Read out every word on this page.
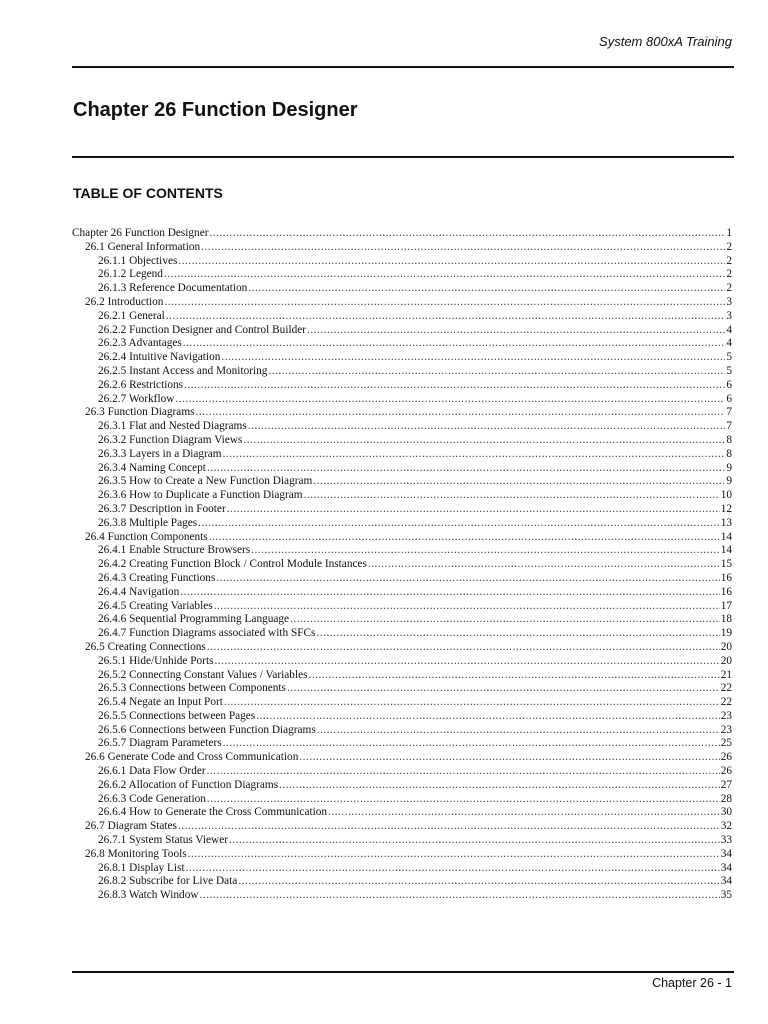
System 800xA Training
Chapter 26 Function Designer
TABLE OF CONTENTS
Chapter 26 Function Designer .....	1
26.1 General Information .....	2
26.1.1 Objectives .....	2
26.1.2 Legend .....	2
26.1.3 Reference Documentation .....	2
26.2 Introduction .....	3
26.2.1 General .....	3
26.2.2 Function Designer and Control Builder .....	4
26.2.3 Advantages .....	4
26.2.4 Intuitive Navigation .....	5
26.2.5 Instant Access and Monitoring .....	5
26.2.6 Restrictions .....	6
26.2.7 Workflow .....	6
26.3 Function Diagrams .....	7
26.3.1 Flat and Nested Diagrams .....	7
26.3.2 Function Diagram Views .....	8
26.3.3 Layers in a Diagram .....	8
26.3.4 Naming Concept .....	9
26.3.5 How to Create a New Function Diagram .....	9
26.3.6 How to Duplicate a Function Diagram .....	10
26.3.7 Description in Footer .....	12
26.3.8 Multiple Pages .....	13
26.4 Function Components .....	14
26.4.1 Enable Structure Browsers .....	14
26.4.2 Creating Function Block / Control Module Instances .....	15
26.4.3 Creating Functions .....	16
26.4.4 Navigation .....	16
26.4.5 Creating Variables .....	17
26.4.6 Sequential Programming Language .....	18
26.4.7 Function Diagrams associated with SFCs .....	19
26.5 Creating Connections .....	20
26.5.1 Hide/Unhide Ports .....	20
26.5.2 Connecting Constant Values / Variables .....	21
26.5.3 Connections between Components .....	22
26.5.4 Negate an Input Port .....	22
26.5.5 Connections between Pages .....	23
26.5.6 Connections between Function Diagrams .....	23
26.5.7 Diagram Parameters .....	25
26.6 Generate Code and Cross Communication .....	26
26.6.1 Data Flow Order .....	26
26.6.2 Allocation of Function Diagrams .....	27
26.6.3 Code Generation .....	28
26.6.4 How to Generate the Cross Communication .....	30
26.7 Diagram States .....	32
26.7.1 System Status Viewer .....	33
26.8 Monitoring Tools .....	34
26.8.1 Display List .....	34
26.8.2 Subscribe for Live Data .....	34
26.8.3 Watch Window .....	35
Chapter 26 - 1
